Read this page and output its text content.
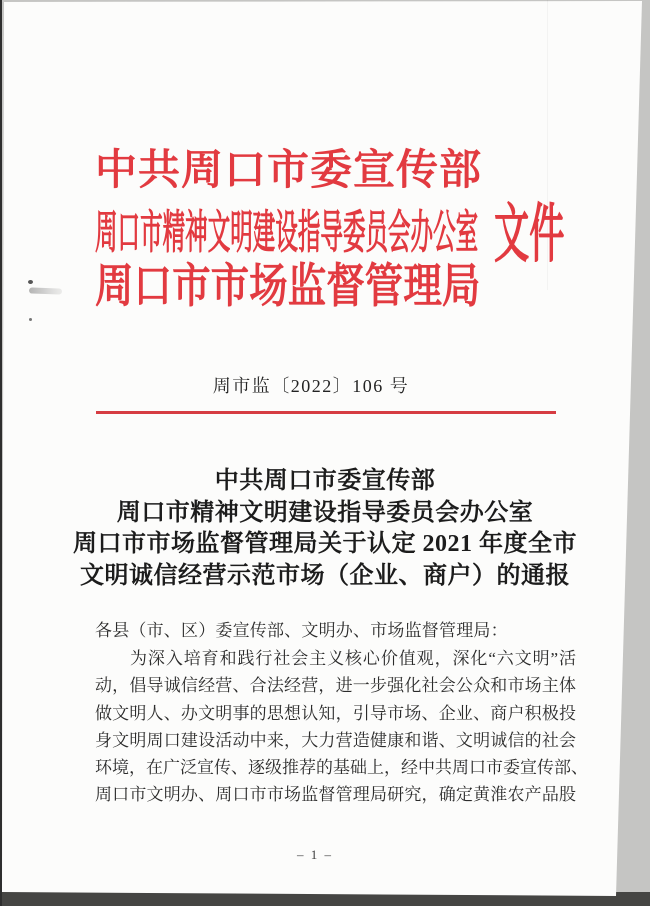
中共周口市委宣传部
周口市精神文明建设指导委员会办公室
周口市市场监督管理局
文件
周市监〔2022〕106 号
中共周口市委宣传部
周口市精神文明建设指导委员会办公室
周口市市场监督管理局关于认定 2021 年度全市
文明诚信经营示范市场（企业、商户）的通报
各县（市、区）委宣传部、文明办、市场监督管理局：
为深入培育和践行社会主义核心价值观，深化“六文明”活
动，倡导诚信经营、合法经营，进一步强化社会公众和市场主体
做文明人、办文明事的思想认知，引导市场、企业、商户积极投
身文明周口建设活动中来，大力营造健康和谐、文明诚信的社会
环境，在广泛宣传、逐级推荐的基础上，经中共周口市委宣传部、
周口市文明办、周口市市场监督管理局研究，确定黄淮农产品股
– 1 –
